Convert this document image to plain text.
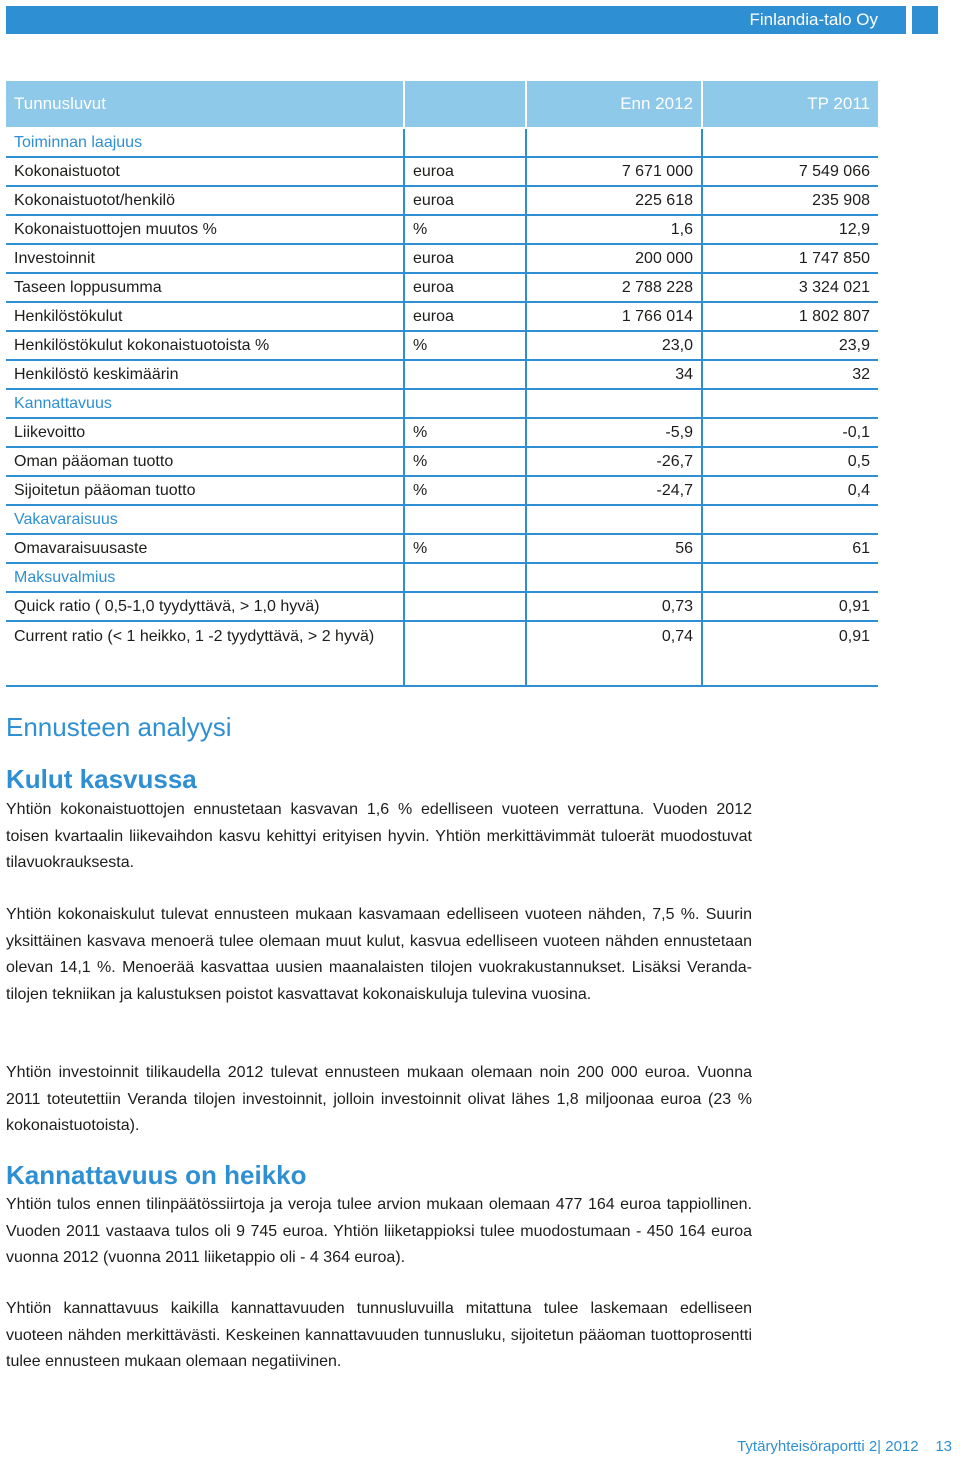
Finlandia-talo Oy
Tunnusluvut		Enn 2012	TP 2011
Toiminnan laajuus			
Kokonaistuotot	euroa	7 671 000	7 549 066
Kokonaistuotot/henkilö	euroa	225 618	235 908
Kokonaistuottojen muutos %	%	1,6	12,9
Investoinnit	euroa	200 000	1 747 850
Taseen loppusumma	euroa	2 788 228	3 324 021
Henkilöstökulut	euroa	1 766 014	1 802 807
Henkilöstökulut kokonaistuotoista %	%	23,0	23,9
Henkilöstö keskimäärin		34	32
Kannattavuus			
Liikevoitto	%	-5,9	-0,1
Oman pääoman tuotto	%	-26,7	0,5
Sijoitetun pääoman tuotto	%	-24,7	0,4
Vakavaraisuus			
Omavaraisuusaste	%	56	61
Maksuvalmius			
Quick ratio ( 0,5-1,0 tyydyttävä, > 1,0 hyvä)		0,73	0,91
Current ratio (< 1 heikko, 1 -2 tyydyttävä, > 2 hyvä)		0,74	0,91
Ennusteen analyysi
Kulut kasvussa

Yhtiön kokonaistuottojen ennustetaan kasvavan 1,6 % edelliseen vuoteen verrattuna. Vuoden 2012 toisen kvartaalin liikevaihdon kasvu kehittyi erityisen hyvin. Yhtiön merkittävimmät tuloerät muodostuvat tilavuokrauksesta.

Yhtiön kokonaiskulut tulevat ennusteen mukaan kasvamaan edelliseen vuoteen nähden, 7,5 %. Suurin yksittäinen kasvava menoerä tulee olemaan muut kulut, kasvua edelliseen vuoteen nähden ennustetaan olevan 14,1 %. Menoerää kasvattaa uusien maanalaisten tilojen vuokrakustannukset. Lisäksi Veranda-tilojen tekniikan ja kalustuksen poistot kasvattavat kokonaiskuluja tulevina vuosina.

Yhtiön investoinnit tilikaudella 2012 tulevat ennusteen mukaan olemaan noin 200 000 euroa. Vuonna 2011 toteutettiin Veranda tilojen investoinnit, jolloin investoinnit olivat lähes 1,8 miljoonaa euroa (23 % kokonaistuotoista).

Kannattavuus on heikko

Yhtiön tulos ennen tilinpäätössiirtoja ja veroja tulee arvion mukaan olemaan 477 164 euroa tappiollinen. Vuoden 2011 vastaava tulos oli 9 745 euroa. Yhtiön liiketappioksi tulee muodostumaan - 450 164 euroa vuonna 2012 (vuonna 2011 liiketappio oli - 4 364 euroa).

Yhtiön kannattavuus kaikilla kannattavuuden tunnusluvuilla mitattuna tulee laskemaan edelliseen vuoteen nähden merkittävästi. Keskeinen kannattavuuden tunnusluku, sijoitetun pääoman tuottoprosentti tulee ennusteen mukaan olemaan negatiivinen.

Tytäryhteisöraportti 2| 2012 13
